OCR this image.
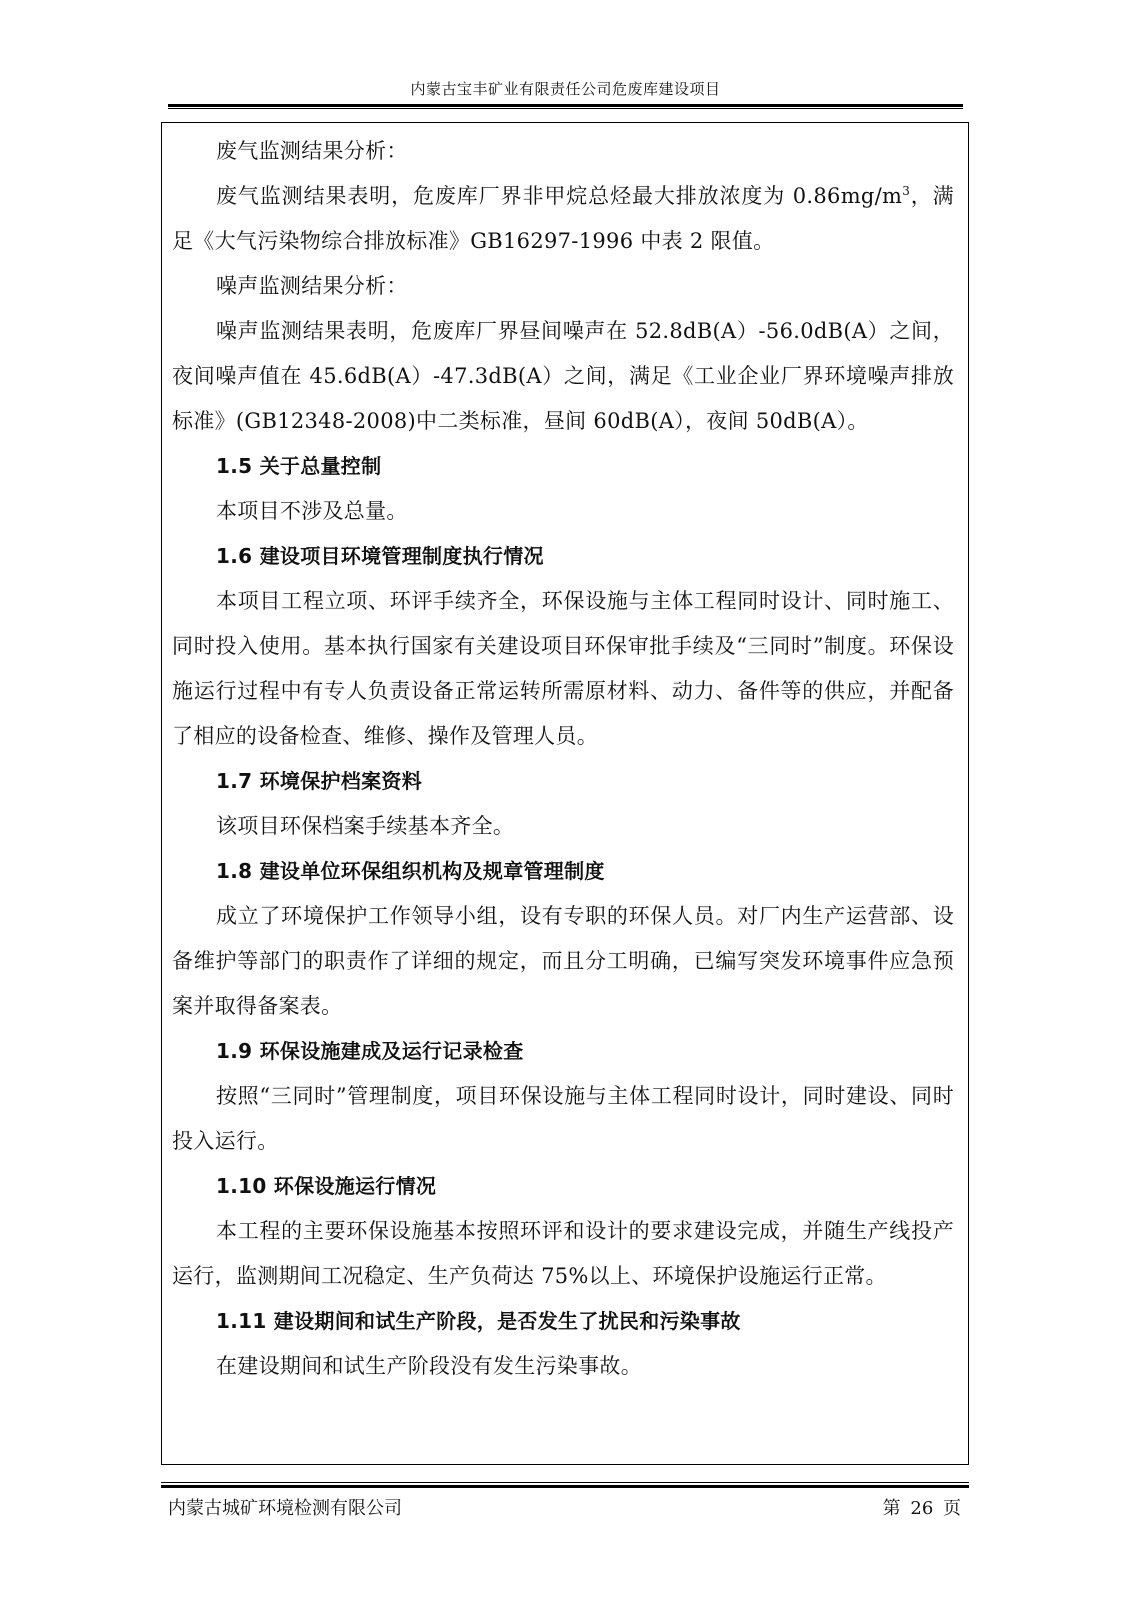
内蒙古宝丰矿业有限责任公司危废库建设项目

废气监测结果分析：

废气监测结果表明，危废库厂界非甲烷总烃最大排放浓度为 $0.86mg/m^3$，满足《大气污染物综合排放标准》GB16297-1996 中表 2 限值。

噪声监测结果分析：

噪声监测结果表明，危废库厂界昼间噪声在 52.8dB(A）-56.0dB(A）之间，夜间噪声值在 45.6dB(A）-47.3dB(A）之间，满足《工业企业厂界环境噪声排放标准》(GB12348-2008)中二类标准，昼间 60dB(A），夜间 50dB(A）。

1.5 关于总量控制

本项目不涉及总量。

1.6 建设项目环境管理制度执行情况

本项目工程立项、环评手续齐全，环保设施与主体工程同时设计、同时施工、同时投入使用。基本执行国家有关建设项目环保审批手续及“三同时”制度。环保设施运行过程中有专人负责设备正常运转所需原材料、动力、备件等的供应，并配备了相应的设备检查、维修、操作及管理人员。

1.7 环境保护档案资料

该项目环保档案手续基本齐全。

1.8 建设单位环保组织机构及规章管理制度

成立了环境保护工作领导小组，设有专职的环保人员。对厂内生产运营部、设备维护等部门的职责作了详细的规定，而且分工明确，已编写突发环境事件应急预案并取得备案表。

1.9 环保设施建成及运行记录检查

按照“三同时”管理制度，项目环保设施与主体工程同时设计，同时建设、同时投入运行。

1.10 环保设施运行情况

本工程的主要环保设施基本按照环评和设计的要求建设完成，并随生产线投产运行，监测期间工况稳定、生产负荷达 75%以上、环境保护设施运行正常。

1.11 建设期间和试生产阶段，是否发生了扰民和污染事故

在建设期间和试生产阶段没有发生污染事故。

内蒙古城矿环境检测有限公司	第 26 页
